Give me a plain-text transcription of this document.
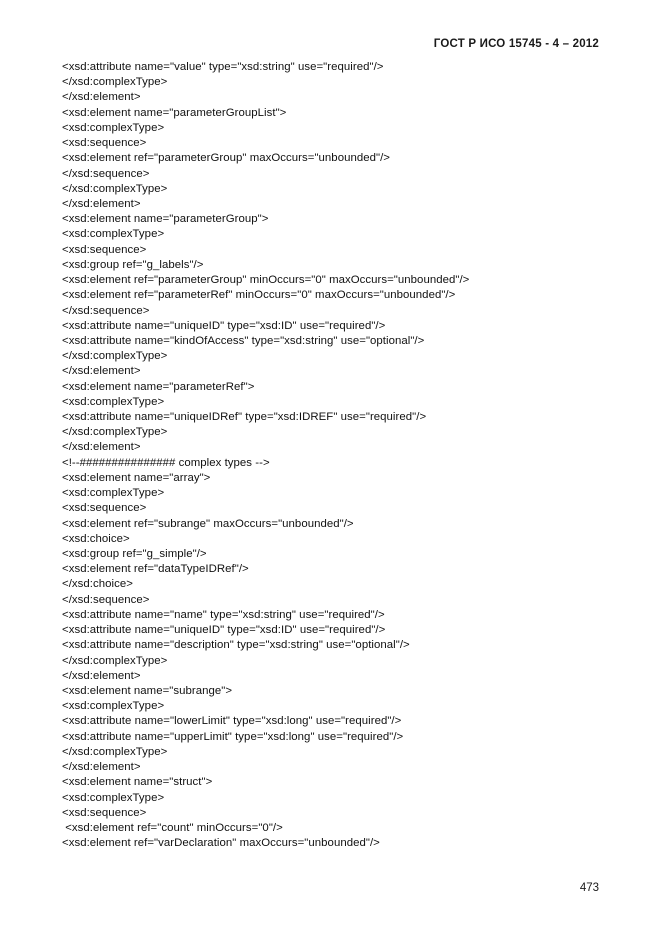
ГОСТ Р ИСО 15745 - 4 – 2012
<xsd:attribute name="value" type="xsd:string" use="required"/>
</xsd:complexType>
</xsd:element>
<xsd:element name="parameterGroupList">
<xsd:complexType>
<xsd:sequence>
<xsd:element ref="parameterGroup" maxOccurs="unbounded"/>
</xsd:sequence>
</xsd:complexType>
</xsd:element>
<xsd:element name="parameterGroup">
<xsd:complexType>
<xsd:sequence>
<xsd:group ref="g_labels"/>
<xsd:element ref="parameterGroup" minOccurs="0" maxOccurs="unbounded"/>
<xsd:element ref="parameterRef" minOccurs="0" maxOccurs="unbounded"/>
</xsd:sequence>
<xsd:attribute name="uniqueID" type="xsd:ID" use="required"/>
<xsd:attribute name="kindOfAccess" type="xsd:string" use="optional"/>
</xsd:complexType>
</xsd:element>
<xsd:element name="parameterRef">
<xsd:complexType>
<xsd:attribute name="uniqueIDRef" type="xsd:IDREF" use="required"/>
</xsd:complexType>
</xsd:element>
<!--############### complex types -->
<xsd:element name="array">
<xsd:complexType>
<xsd:sequence>
<xsd:element ref="subrange" maxOccurs="unbounded"/>
<xsd:choice>
<xsd:group ref="g_simple"/>
<xsd:element ref="dataTypeIDRef"/>
</xsd:choice>
</xsd:sequence>
<xsd:attribute name="name" type="xsd:string" use="required"/>
<xsd:attribute name="uniqueID" type="xsd:ID" use="required"/>
<xsd:attribute name="description" type="xsd:string" use="optional"/>
</xsd:complexType>
</xsd:element>
<xsd:element name="subrange">
<xsd:complexType>
<xsd:attribute name="lowerLimit" type="xsd:long" use="required"/>
<xsd:attribute name="upperLimit" type="xsd:long" use="required"/>
</xsd:complexType>
</xsd:element>
<xsd:element name="struct">
<xsd:complexType>
<xsd:sequence>
<xsd:element ref="count" minOccurs="0"/>
<xsd:element ref="varDeclaration" maxOccurs="unbounded"/>
473
